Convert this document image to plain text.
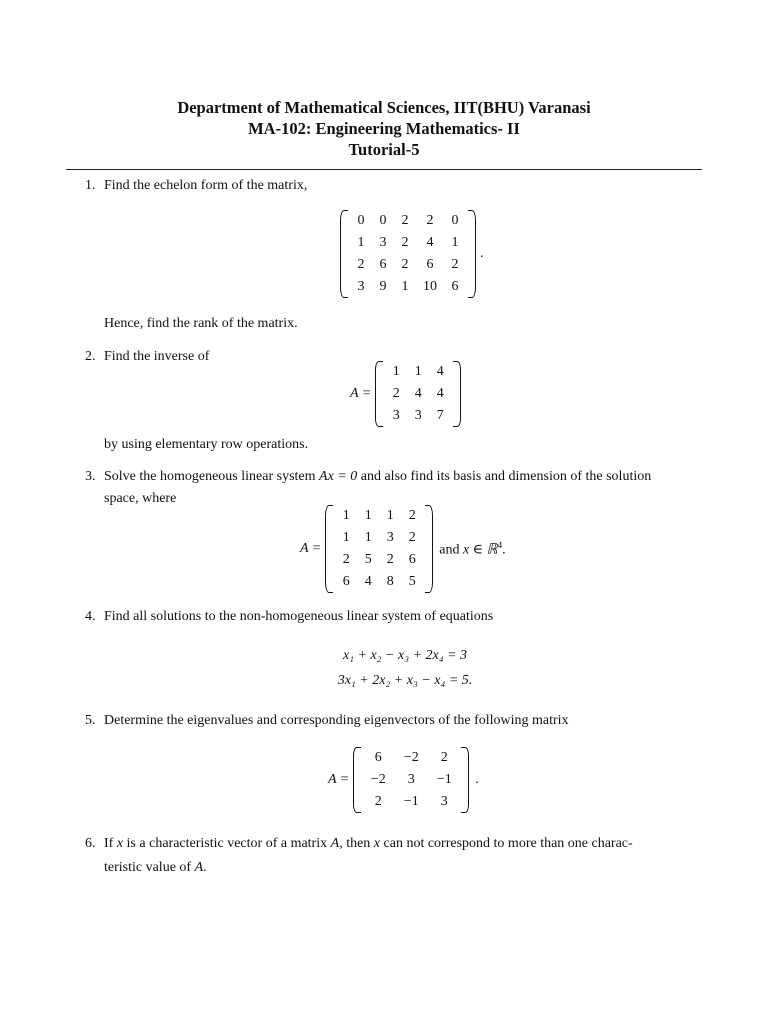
Department of Mathematical Sciences, IIT(BHU) Varanasi
MA-102: Engineering Mathematics- II
Tutorial-5
1. Find the echelon form of the matrix,
0	0	2	2	0
1	3	2	4	1
2	6	2	6	2
3	9	1	10	6
.
Hence, find the rank of the matrix.
2. Find the inverse of
A =
1	1	4
2	4	4
3	3	7
by using elementary row operations.
3. Solve the homogeneous linear system Ax = 0 and also find its basis and dimension of the solution
space, where
A =
1	1	1	2
1	1	3	2
2	5	2	6
6	4	8	5
and x ∈ ℝ$^4$.
4. Find all solutions to the non-homogeneous linear system of equations
x₁ + x₂ − x₃ + 2x₄ = 3
3x₁ + 2x₂ + x₃ − x₄ = 5.
5. Determine the eigenvalues and corresponding eigenvectors of the following matrix
A =
6	−2	2
−2	3	−1
2	−1	3
.
6. If x is a characteristic vector of a matrix A, then x can not correspond to more than one charac-
teristic value of A.
